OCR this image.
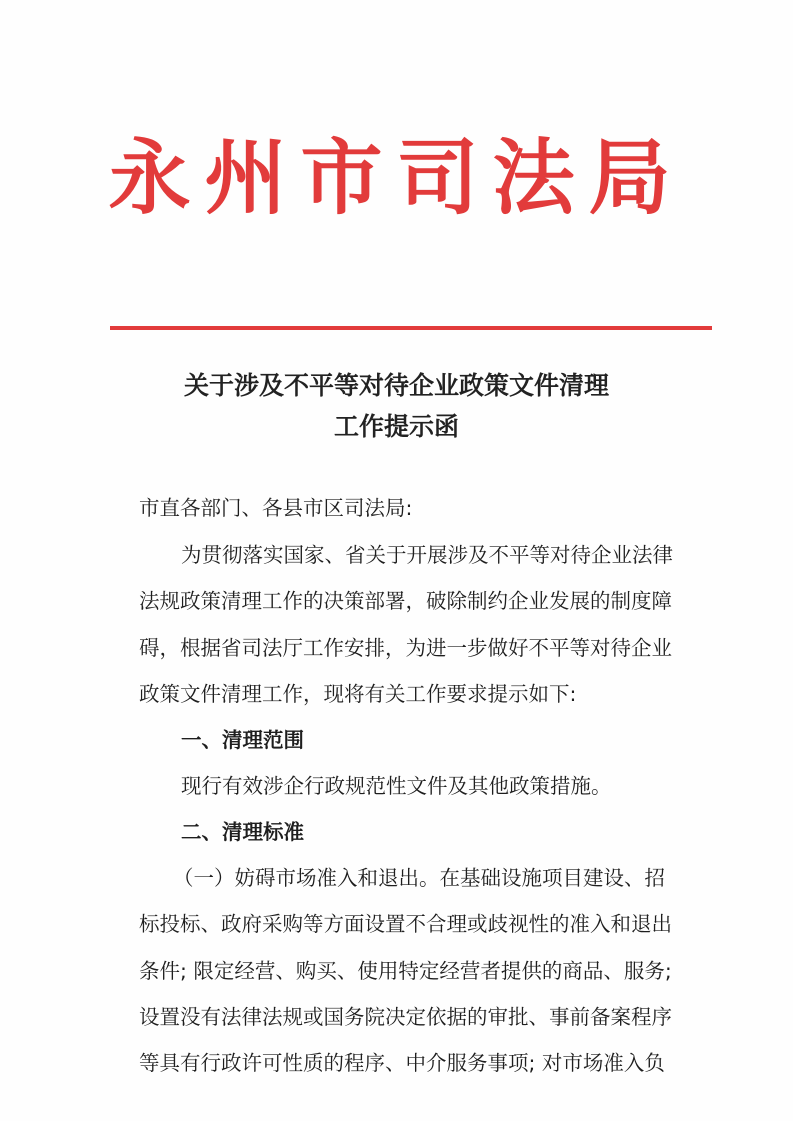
永州市司法局
关于涉及不平等对待企业政策文件清理
工作提示函
市直各部门、各县市区司法局:
为贯彻落实国家、省关于开展涉及不平等对待企业法律
法规政策清理工作的决策部署，破除制约企业发展的制度障
碍，根据省司法厅工作安排，为进一步做好不平等对待企业
政策文件清理工作，现将有关工作要求提示如下:
一、清理范围
现行有效涉企行政规范性文件及其他政策措施。
二、清理标准
（一）妨碍市场准入和退出。在基础设施项目建设、招
标投标、政府采购等方面设置不合理或歧视性的准入和退出
条件; 限定经营、购买、使用特定经营者提供的商品、服务;
设置没有法律法规或国务院决定依据的审批、事前备案程序
等具有行政许可性质的程序、中介服务事项; 对市场准入负
